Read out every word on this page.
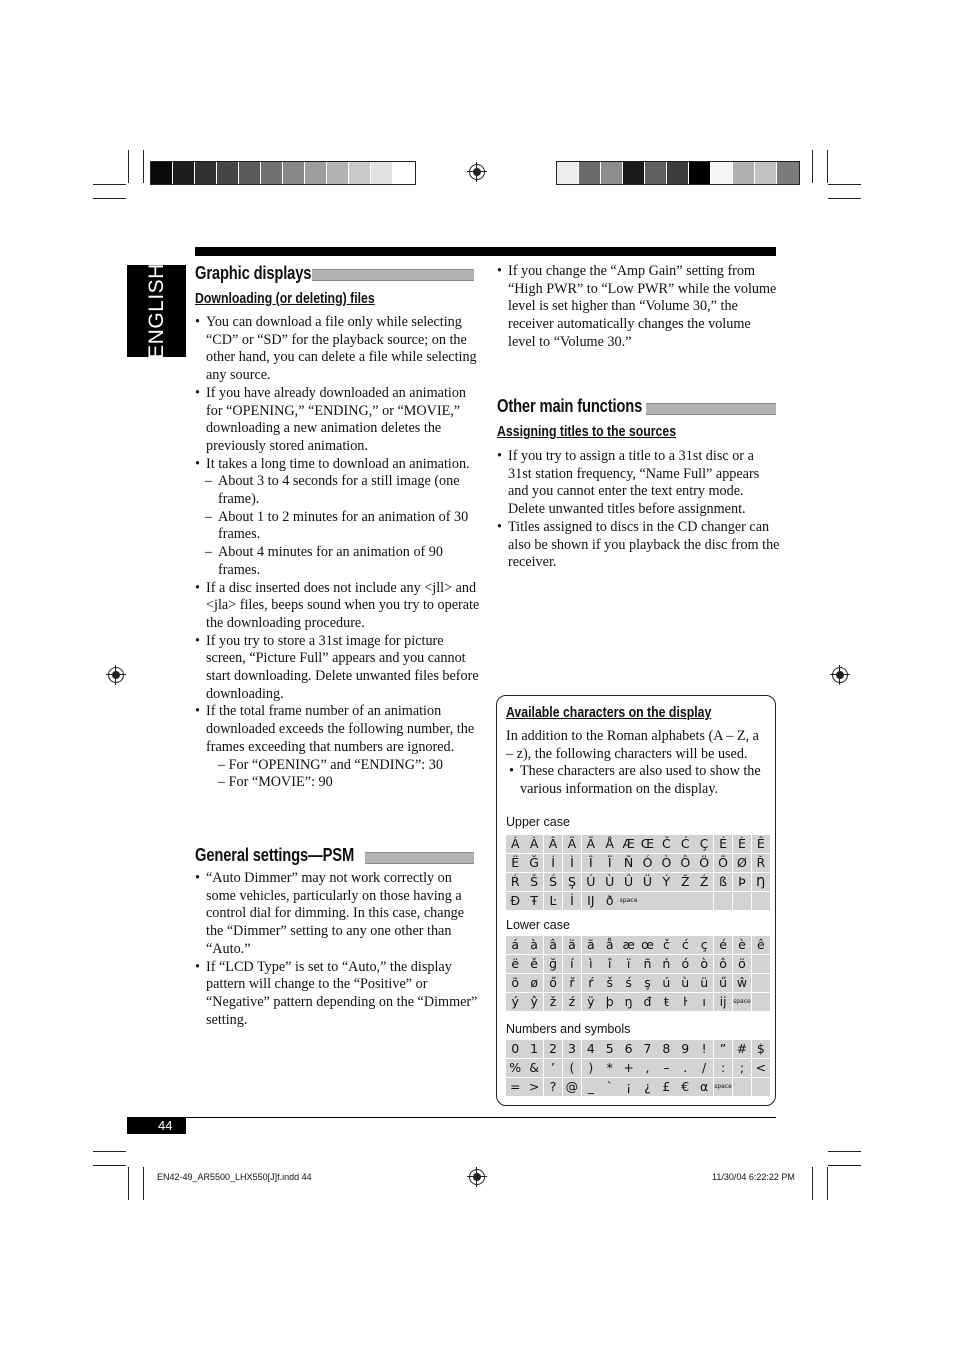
ENGLISH Graphic displays
Downloading (or deleting) files

• You can download a file only while selecting “CD” or “SD” for the playback source; on the other hand, you can delete a file while selecting any source.

• If you have already downloaded an animation for “OPENING,” “ENDING,” or “MOVIE,” downloading a new animation deletes the previously stored animation.

• It takes a long time to download an animation.

– About 3 to 4 seconds for a still image (one frame).

– About 1 to 2 minutes for an animation of 30 frames.

– About 4 minutes for an animation of 90 frames.

• If a disc inserted does not include any <jll> and <jla> files, beeps sound when you try to operate the downloading procedure.

• If you try to store a 31st image for picture screen, “Picture Full” appears and you cannot start downloading. Delete unwanted files before downloading.

• If the total frame number of an animation downloaded exceeds the following number, the frames exceeding that numbers are ignored.

– For “OPENING” and “ENDING”: 30

– For “MOVIE”: 90

General settings—PSM

• “Auto Dimmer” may not work correctly on some vehicles, particularly on those having a control dial for dimming. In this case, change the “Dimmer” setting to any one other than “Auto.”

• If “LCD Type” is set to “Auto,” the display pattern will change to the “Positive” or “Negative” pattern depending on the “Dimmer” setting.

• If you change the “Amp Gain” setting from “High PWR” to “Low PWR” while the volume level is set higher than “Volume 30,” the receiver automatically changes the volume level to “Volume 30.”

Other main functions
Assigning titles to the sources

• If you try to assign a title to a 31st disc or a 31st station frequency, “Name Full” appears and you cannot enter the text entry mode. Delete unwanted titles before assignment.

• Titles assigned to discs in the CD changer can also be shown if you playback the disc from the receiver.

Available characters on the display

In addition to the Roman alphabets (A – Z, a – z), the following characters will be used.

• These characters are also used to show the various information on the display.

Upper case
Á À Â Ä Ã Å Æ Œ Č Ć Ç É È Ê
Ë Ğ Í	Ì	Î	Ï Ñ Ó Ò Ô Ö Õ Ø Ř
Ŕ Š Ś Ş Ú Ù Û Ü Ý Ž Ź ß Þ Ŋ
Đ Ŧ Ŀ	İ	Ĳ ð	space
Lower case
á à â ä ã å æ œ č ć ç é è ê
ë ě ğ	í	ì	î	ï	ñ ń ó ò ô ö
õ ø ő ř	ŕ	š ś ş ú ù ü ű ŵ
ý ŷ ž ź ÿ þ ŋ đ ŧ	ŀ	ı	ĳ	space
Numbers and symbols
0 1 2 3 4 5 6 7 8 9 !	” # $
% & ’	(	)	* + ,	–	.	/	:	; <
= > ? @ _	`	¡	¿ £ € α space
44
EN42-49_AR5500_LHX550[J]f.indd 44	11/30/04 6:22:22 PM
